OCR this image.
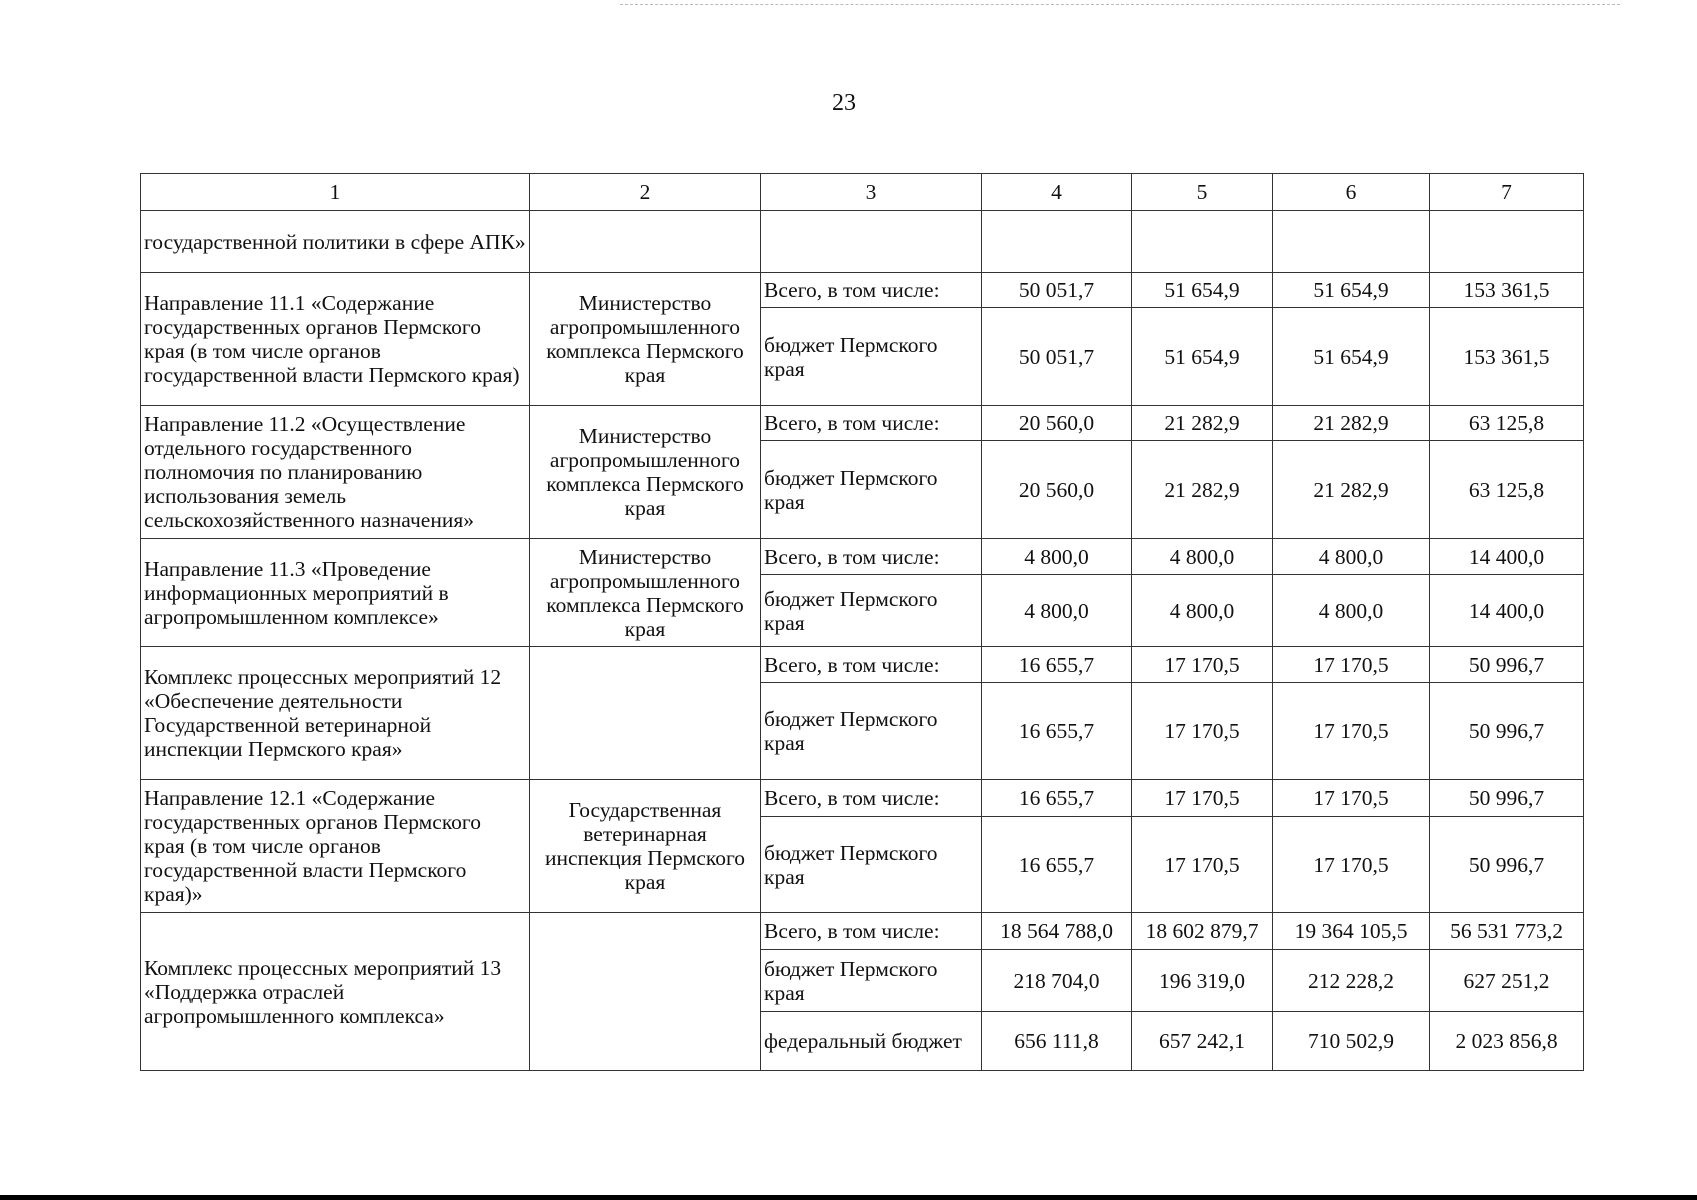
23
1	2	3	4	5	6	7
государственной политики в сфере АПК»						
Направление 11.1 «Содержание государственных органов Пермского края (в том числе органов государственной власти Пермского края)	Министерство агропромышленного комплекса Пермского края	Всего, в том числе:	50 051,7	51 654,9	51 654,9	153 361,5
		бюджет Пермского края	50 051,7	51 654,9	51 654,9	153 361,5
Направление 11.2 «Осуществление отдельного государственного полномочия по планированию использования земель сельскохозяйственного назначения»	Министерство агропромышленного комплекса Пермского края	Всего, в том числе:	20 560,0	21 282,9	21 282,9	63 125,8
		бюджет Пермского края	20 560,0	21 282,9	21 282,9	63 125,8
Направление 11.3 «Проведение информационных мероприятий в агропромышленном комплексе»	Министерство агропромышленного комплекса Пермского края	Всего, в том числе:	4 800,0	4 800,0	4 800,0	14 400,0
		бюджет Пермского края	4 800,0	4 800,0	4 800,0	14 400,0
Комплекс процессных мероприятий 12 «Обеспечение деятельности Государственной ветеринарной инспекции Пермского края»		Всего, в том числе:	16 655,7	17 170,5	17 170,5	50 996,7
		бюджет Пермского края	16 655,7	17 170,5	17 170,5	50 996,7
Направление 12.1 «Содержание государственных органов Пермского края (в том числе органов государственной власти Пермского края)»	Государственная ветеринарная инспекция Пермского края	Всего, в том числе:	16 655,7	17 170,5	17 170,5	50 996,7
		бюджет Пермского края	16 655,7	17 170,5	17 170,5	50 996,7
Комплекс процессных мероприятий 13 «Поддержка отраслей агропромышленного комплекса»		Всего, в том числе:	18 564 788,0	18 602 879,7	19 364 105,5	56 531 773,2
		бюджет Пермского края	218 704,0	196 319,0	212 228,2	627 251,2
		федеральный бюджет	656 111,8	657 242,1	710 502,9	2 023 856,8
